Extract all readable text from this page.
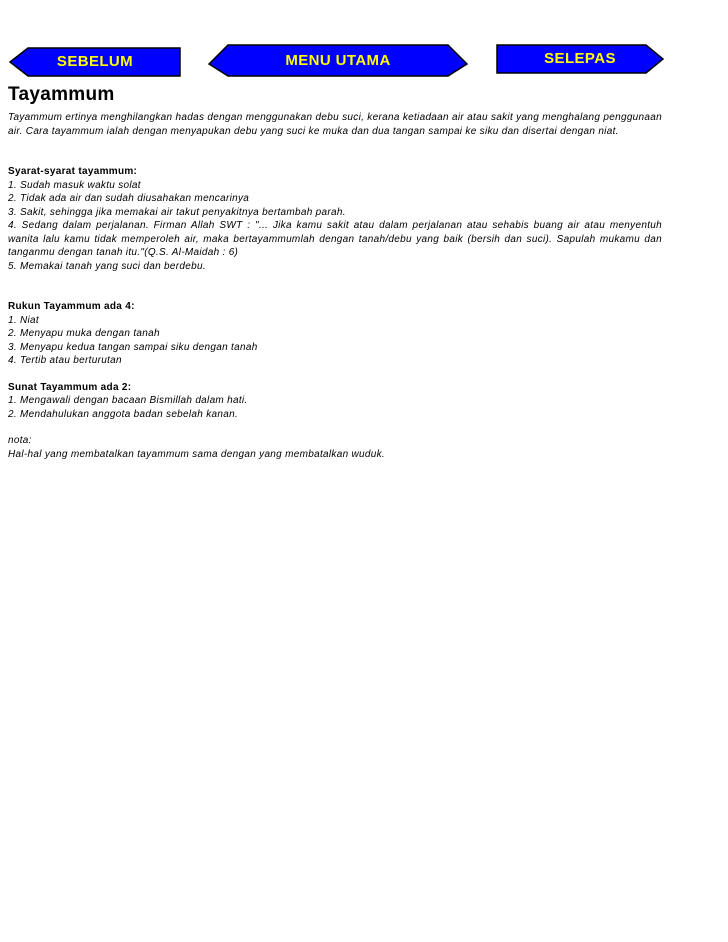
SEBELUM	MENU UTAMA	SELEPAS
Tayammum

Tayammum ertinya menghilangkan hadas dengan menggunakan debu suci, kerana ketiadaan air atau sakit yang menghalang penggunaan air. Cara tayammum ialah dengan menyapukan debu yang suci ke muka dan dua tangan sampai ke siku dan disertai dengan niat.

Syarat-syarat tayammum:

1. Sudah masuk waktu solat

2. Tidak ada air dan sudah diusahakan mencarinya

3. Sakit, sehingga jika memakai air takut penyakitnya bertambah parah.

4. Sedang dalam perjalanan. Firman Allah SWT : "... Jika kamu sakit atau dalam perjalanan atau sehabis buang air atau menyentuh wanita lalu kamu tidak memperoleh air, maka bertayammumlah dengan tanah/debu yang baik (bersih dan suci). Sapulah mukamu dan tanganmu dengan tanah itu."(Q.S. Al-Maidah : 6)

5. Memakai tanah yang suci dan berdebu.

Rukun Tayammum ada 4:

1. Niat

2. Menyapu muka dengan tanah

3. Menyapu kedua tangan sampai siku dengan tanah

4. Tertib atau berturutan

Sunat Tayammum ada 2:

1. Mengawali dengan bacaan Bismillah dalam hati.

2. Mendahulukan anggota badan sebelah kanan.

nota:

Hal-hal yang membatalkan tayammum sama dengan yang membatalkan wuduk.
